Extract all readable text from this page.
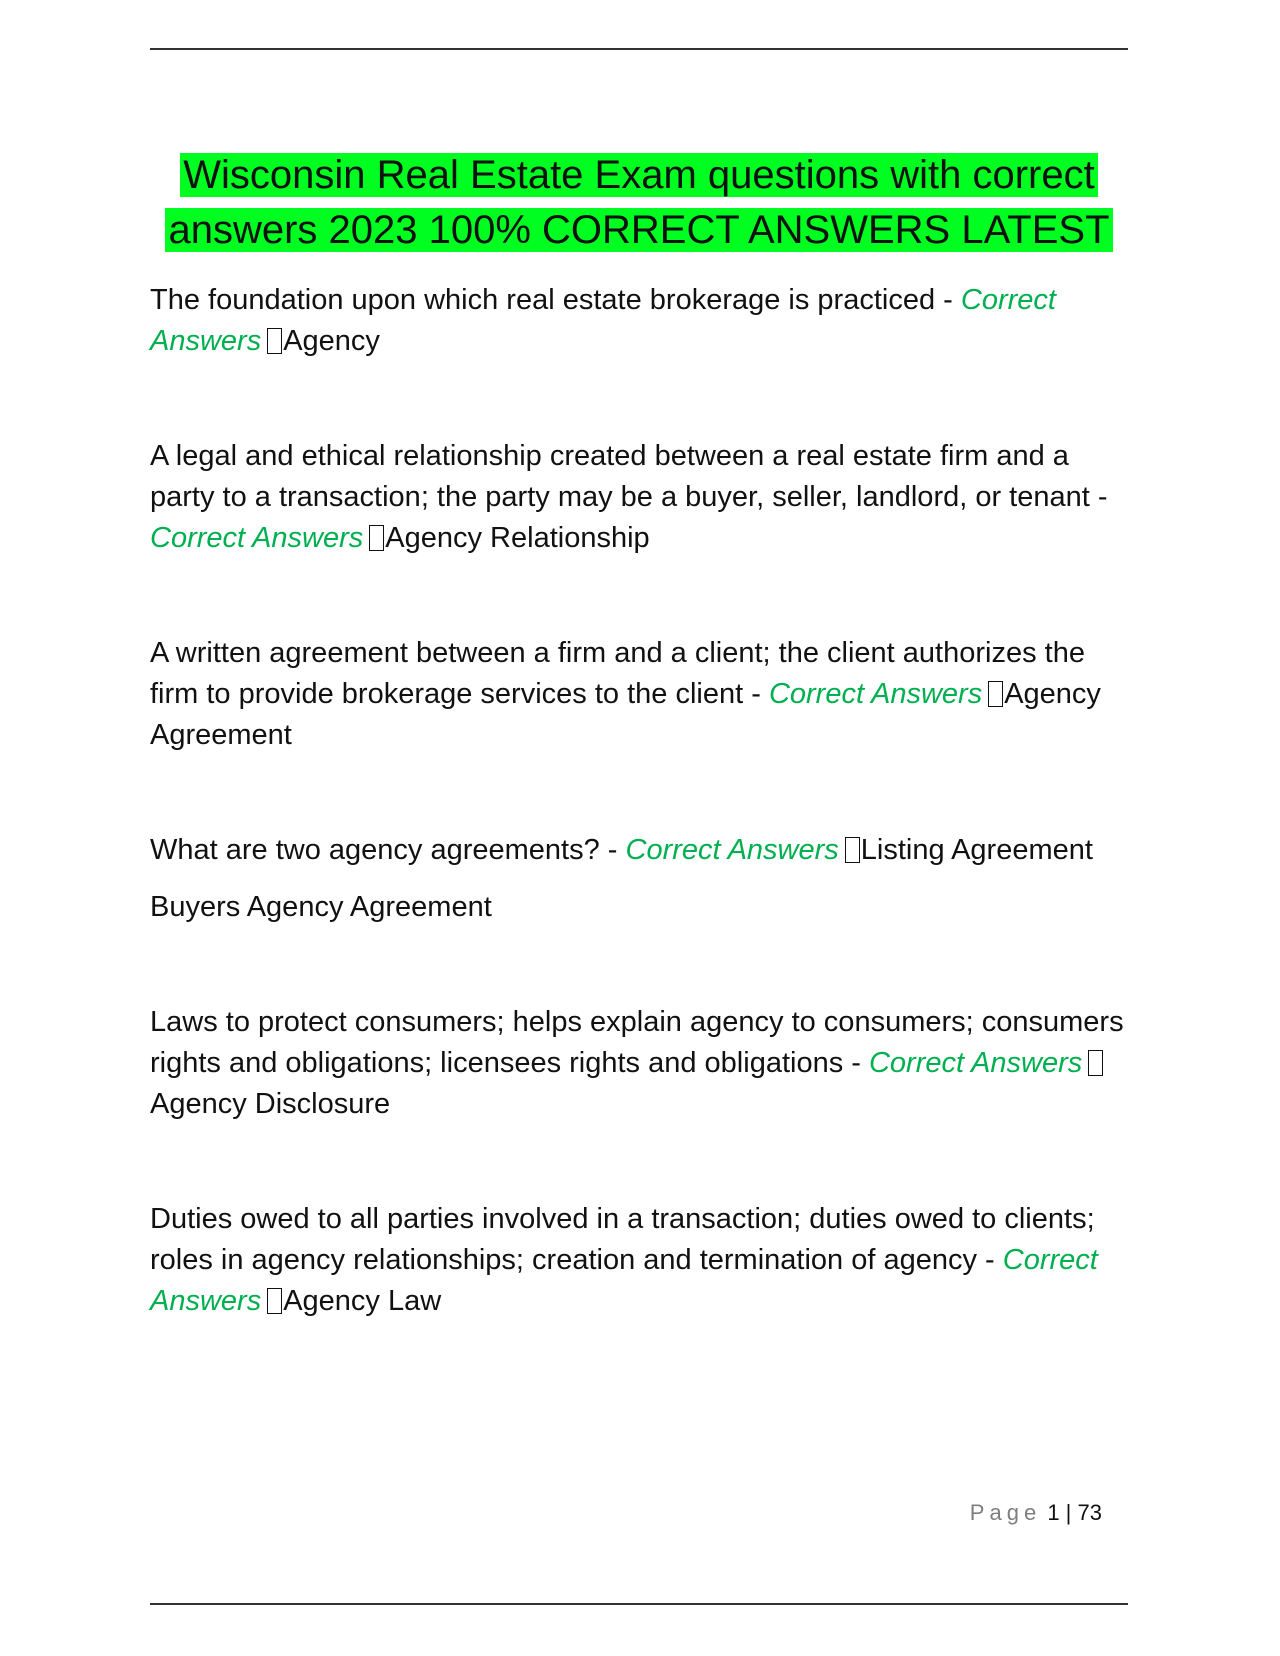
Wisconsin Real Estate Exam questions with correct answers 2023 100% CORRECT ANSWERS LATEST

The foundation upon which real estate brokerage is practiced - Correct Answers Agency

A legal and ethical relationship created between a real estate firm and a party to a transaction; the party may be a buyer, seller, landlord, or tenant - Correct Answers Agency Relationship

A written agreement between a firm and a client; the client authorizes the firm to provide brokerage services to the client - Correct Answers Agency Agreement

What are two agency agreements? - Correct Answers Listing Agreement

Buyers Agency Agreement

Laws to protect consumers; helps explain agency to consumers; consumers rights and obligations; licensees rights and obligations - Correct AnswersAgency Disclosure

Duties owed to all parties involved in a transaction; duties owed to clients; roles in agency relationships; creation and termination of agency - Correct Answers Agency Law

Page 1 | 73
